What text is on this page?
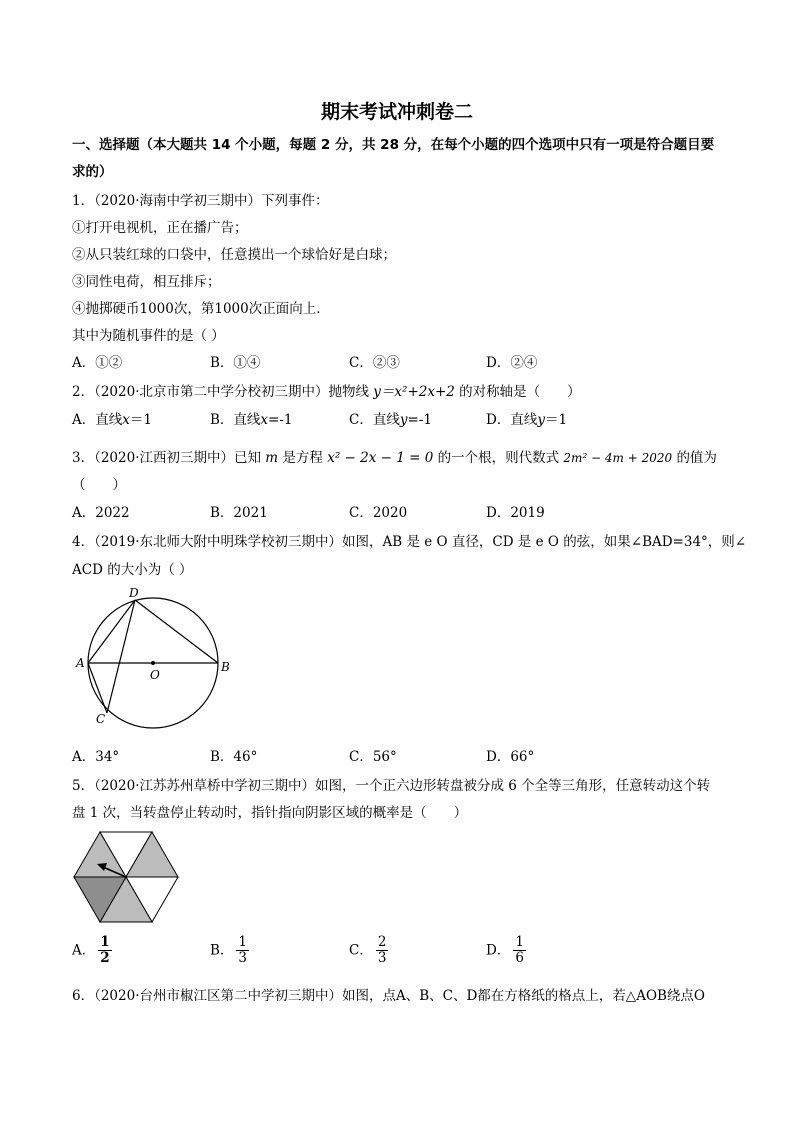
期末考试冲刺卷二
一、选择题（本大题共 14 个小题，每题 2 分，共 28 分，在每个小题的四个选项中只有一项是符合题目要
求的）
1．（2020·海南中学初三期中）下列事件：
①打开电视机，正在播广告；
②从只装红球的口袋中，任意摸出一个球恰好是白球；
③同性电荷，相互排斥；
④抛掷硬币1000次，第1000次正面向上．
其中为随机事件的是（ ）
A．①②	B．①④	C．②③	D．②④
2．（2020·北京市第二中学分校初三期中）抛物线 y＝x²+2x+2 的对称轴是（　　）
A．直线x＝1	B．直线x=-1	C．直线y=-1	D．直线y＝1
3．（2020·江西初三期中）已知 m 是方程 x² − 2x − 1 = 0 的一个根，则代数式 2m² − 4m + 2020 的值为
（　　）
A．2022	B．2021	C．2020	D．2019
4．（2019·东北师大附中明珠学校初三期中）如图，AB 是 e O 直径，CD 是 e O 的弦，如果∠BAD=34°，则∠
ACD 的大小为（ ）
A	B
C
D
O
A．34°	B．46°	C．56°	D．66°
5．（2020·江苏苏州草桥中学初三期中）如图，一个正六边形转盘被分成 6 个全等三角形，任意转动这个转
盘 1 次，当转盘停止转动时，指针指向阴影区域的概率是（　　）
A． $\frac{1}{2}$	B． $\frac{1}{3}$	C． $\frac{2}{3}$	D． $\frac{1}{6}$
6．（2020·台州市椒江区第二中学初三期中）如图，点A、B、C、D都在方格纸的格点上，若△AOB绕点O
